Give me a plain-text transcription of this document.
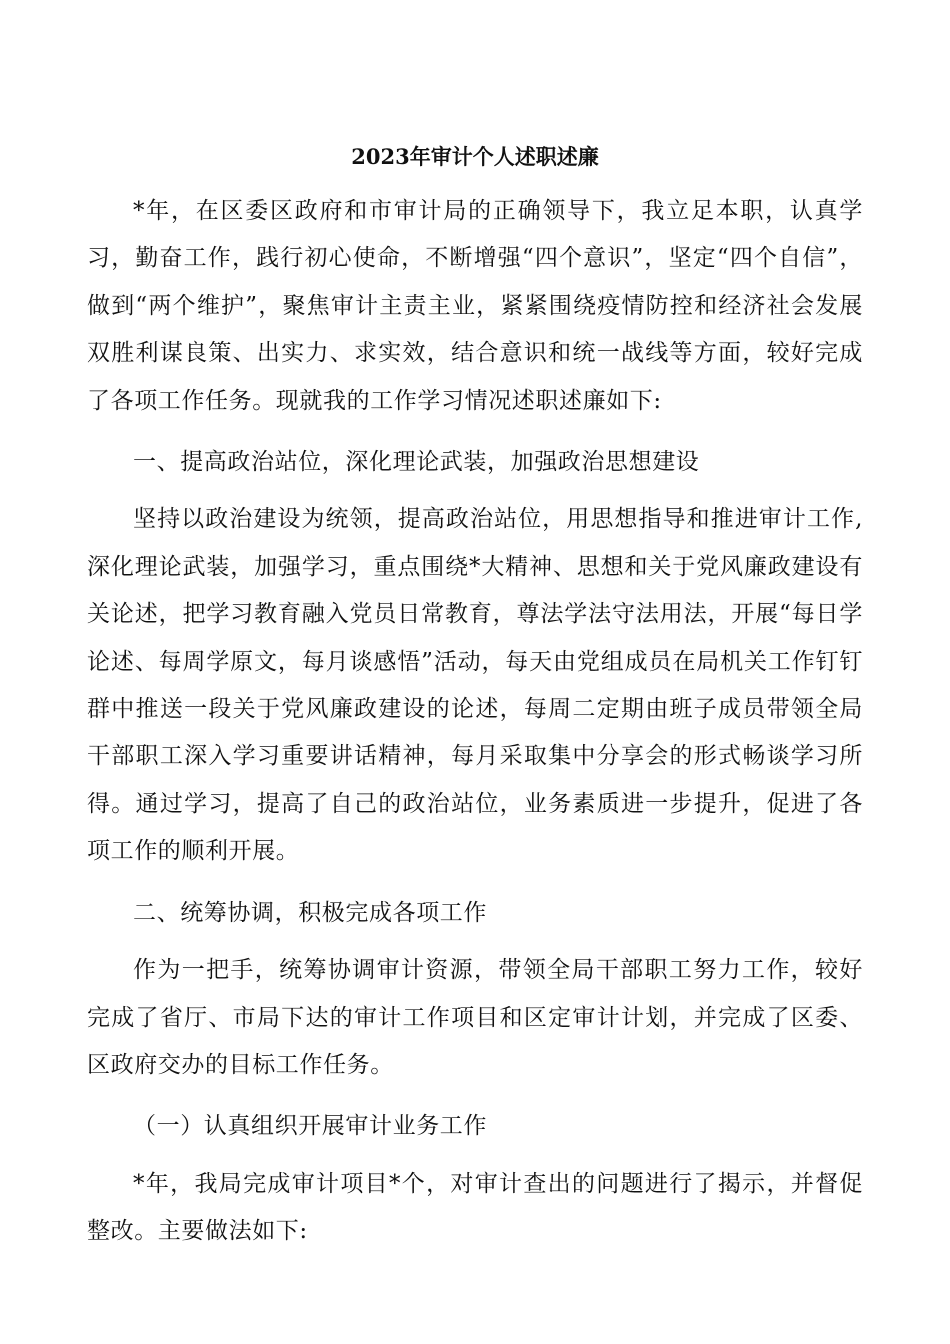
2023年审计个人述职述廉

*年，在区委区政府和市审计局的正确领导下，我立足本职，认真学习，勤奋工作，践行初心使命，不断增强“四个意识”，坚定“四个自信”，做到“两个维护”，聚焦审计主责主业，紧紧围绕疫情防控和经济社会发展双胜利谋良策、出实力、求实效，结合意识和统一战线等方面，较好完成了各项工作任务。现就我的工作学习情况述职述廉如下:

一、提高政治站位，深化理论武装，加强政治思想建设

坚持以政治建设为统领，提高政治站位，用思想指导和推进审计工作,深化理论武装，加强学习，重点围绕*大精神、思想和关于党风廉政建设有关论述，把学习教育融入党员日常教育，尊法学法守法用法，开展“每日学论述、每周学原文，每月谈感悟”活动，每天由党组成员在局机关工作钉钉群中推送一段关于党风廉政建设的论述，每周二定期由班子成员带领全局干部职工深入学习重要讲话精神，每月采取集中分享会的形式畅谈学习所得。通过学习，提高了自己的政治站位，业务素质进一步提升，促进了各项工作的顺利开展。

二、统筹协调，积极完成各项工作

作为一把手，统筹协调审计资源，带领全局干部职工努力工作，较好完成了省厅、市局下达的审计工作项目和区定审计计划，并完成了区委、区政府交办的目标工作任务。

（一）认真组织开展审计业务工作

*年，我局完成审计项目*个，对审计查出的问题进行了揭示，并督促整改。主要做法如下:
